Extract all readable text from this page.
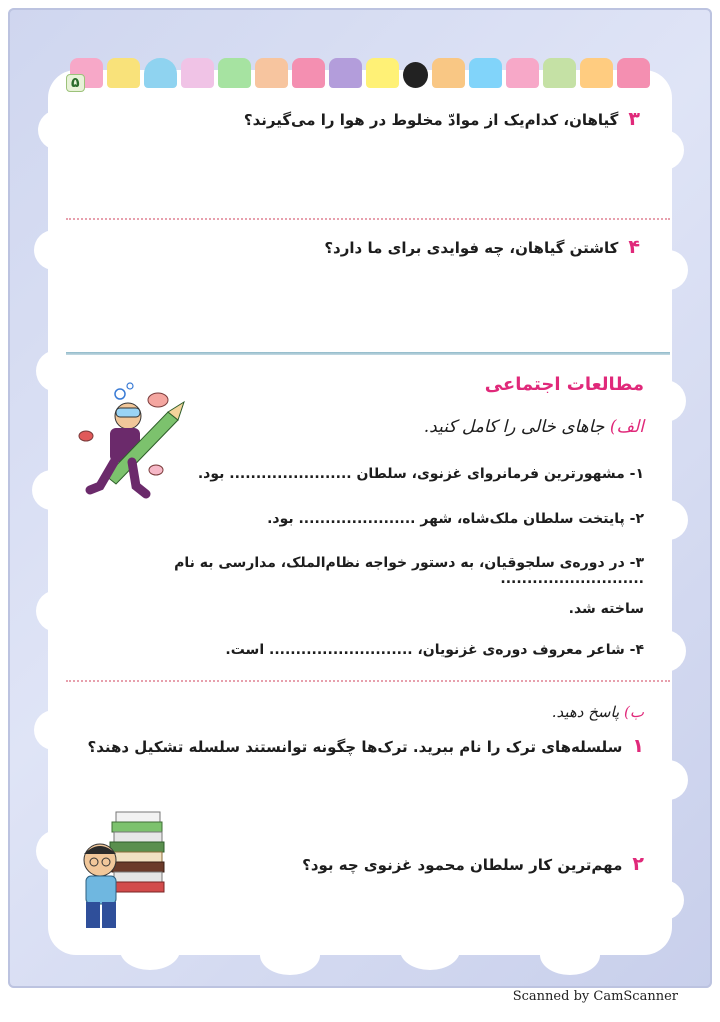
۵
۳گیاهان، کدام‌یک از موادّ مخلوط در هوا را می‌گیرند؟
۴کاشتن گیاهان، چه فوایدی برای ما دارد؟
مطالعات اجتماعی
الف) جاهای خالی را کامل کنید.
۱- مشهورترین فرمانروای غزنوی، سلطان ....................... بود.
۲- پایتخت سلطان ملک‌شاه، شهر ...................... بود.
۳- در دوره‌ی سلجوقیان، به دستور خواجه نظام‌الملک، مدارسی به نام ...........................
ساخته شد.
۴- شاعر معروف دوره‌ی غزنویان، ........................... است.
ب) پاسخ دهید.
۱سلسله‌های ترک را نام ببرید. ترک‌ها چگونه توانستند سلسله تشکیل دهند؟
۲مهم‌ترین کار سلطان محمود غزنوی چه بود؟
Scanned by CamScanner
